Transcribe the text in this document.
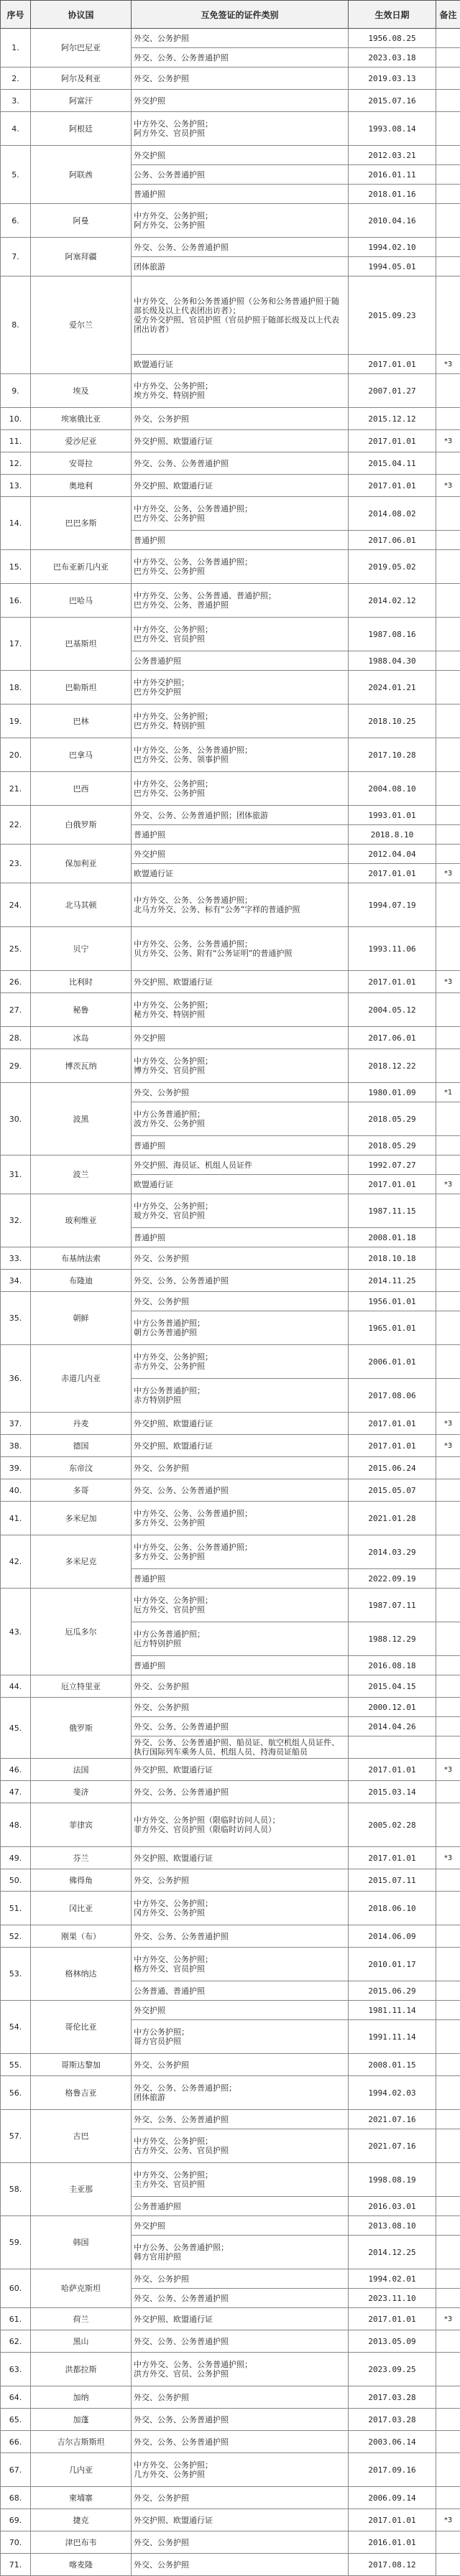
序号	协议国	互免签证的证件类别	生效日期	备注
1.	阿尔巴尼亚	外交、公务护照	1956.08.25	
		外交、公务、公务普通护照	2023.03.18	
2.	阿尔及利亚	外交、公务护照	2019.03.13	
3.	阿富汗	外交护照	2015.07.16	
4.	阿根廷	中方外交、公务护照；
阿方外交、官员护照	1993.08.14	
5.	阿联酋	外交护照	2012.03.21	
		公务、公务普通护照	2016.01.11	
		普通护照	2018.01.16	
6.	阿曼	中方外交、公务护照；
阿方外交、公务护照	2010.04.16	
7.	阿塞拜疆	外交、公务、公务普通护照	1994.02.10	
		团体旅游	1994.05.01	
8.	爱尔兰	中方外交、公务和公务普通护照（公务和公务普通护照于随部长级及以上代表团出访者）；
爱方外交护照、官员护照（官员护照于随部长级及以上代表团出访者）	2015.09.23	
		欧盟通行证	2017.01.01	*3
9.	埃及	中方外交、公务护照；
埃方外交、特别护照	2007.01.27	
10.	埃塞俄比亚	外交、公务护照	2015.12.12	
11.	爱沙尼亚	外交护照、欧盟通行证	2017.01.01	*3
12.	安哥拉	外交、公务、公务普通护照	2015.04.11	
13.	奥地利	外交护照、欧盟通行证	2017.01.01	*3
14.	巴巴多斯	中方外交、公务、公务普通护照；
巴方外交、公务护照	2014.08.02	
		普通护照	2017.06.01	
15.	巴布亚新几内亚	中方外交、公务、公务普通护照；
巴方外交、公务护照	2019.05.02	
16.	巴哈马	中方外交、公务、公务普通、普通护照；
巴方外交、公务、普通护照	2014.02.12	
17.	巴基斯坦	中方外交、公务护照；
巴方外交、官员护照	1987.08.16	
		公务普通护照	1988.04.30	
18.	巴勒斯坦	中方外交护照；
巴方外交护照	2024.01.21	
19.	巴林	中方外交、公务护照；
巴方外交、特别护照	2018.10.25	
20.	巴拿马	中方外交、公务、公务普通护照；
巴方外交、公务、领事护照	2017.10.28	
21.	巴西	中方外交、公务护照；
巴方外交、公务护照	2004.08.10	
22.	白俄罗斯	外交、公务、公务普通护照；团体旅游	1993.01.01	
		普通护照	2018.8.10	
23.	保加利亚	外交护照	2012.04.04	
		欧盟通行证	2017.01.01	*3
24.	北马其顿	中方外交、公务、公务普通护照；
北马方外交、公务、标有“公务”字样的普通护照	1994.07.19	
25.	贝宁	中方外交、公务、公务普通护照；
贝方外交、公务、附有“公务证明”的普通护照	1993.11.06	
26.	比利时	外交护照、欧盟通行证	2017.01.01	*3
27.	秘鲁	中方外交、公务护照；
秘方外交、特别护照	2004.05.12	
28.	冰岛	外交护照	2017.06.01	
29.	博茨瓦纳	中方外交、公务护照；
博方外交、官员护照	2018.12.22	
30.	波黑	外交、公务护照	1980.01.09	*1
		中方公务普通护照；
波方外交、公务护照	2018.05.29	
		普通护照	2018.05.29	
31.	波兰	外交护照、海员证、机组人员证件	1992.07.27	
		欧盟通行证	2017.01.01	*3
32.	玻利维亚	中方外交、公务护照；
玻方外交、官员护照	1987.11.15	
		普通护照	2008.01.18	
33.	布基纳法索	外交、公务护照	2018.10.18	
34.	布隆迪	外交、公务、公务普通护照	2014.11.25	
35.	朝鲜	外交、公务护照	1956.01.01	
		中方公务普通护照；
朝方公务普通护照	1965.01.01	
36.	赤道几内亚	中方外交、公务护照；
赤方外交、公务护照	2006.01.01	
		中方公务普通护照；
赤方特别护照	2017.08.06	
37.	丹麦	外交护照、欧盟通行证	2017.01.01	*3
38.	德国	外交护照、欧盟通行证	2017.01.01	*3
39.	东帝汶	外交、公务护照	2015.06.24	
40.	多哥	外交、公务、公务普通护照	2015.05.07	
41.	多米尼加	中方外交、公务、公务普通护照；
多方外交、公务护照	2021.01.28	
42.	多米尼克	中方外交、公务、公务普通护照；
多方外交、公务护照	2014.03.29	
		普通护照	2022.09.19	
43.	厄瓜多尔	中方外交、公务护照；
厄方外交、官员护照	1987.07.11	
		中方公务普通护照；
厄方特别护照	1988.12.29	
		普通护照	2016.08.18	
44.	厄立特里亚	外交、公务护照	2015.04.15	
45.	俄罗斯	外交、公务护照	2000.12.01	
		外交、公务、公务普通护照	2014.04.26	
		外交、公务、公务普通护照、船员证、航空机组人员证件、执行国际列车乘务人员、机组人员、持海员证船员		
46.	法国	外交护照、欧盟通行证	2017.01.01	*3
47.	斐济	外交、公务、公务普通护照	2015.03.14	
48.	菲律宾	中方外交、公务护照（限临时访问人员）；
菲方外交、官员护照（限临时访问人员）	2005.02.28	
49.	芬兰	外交护照、欧盟通行证	2017.01.01	*3
50.	佛得角	外交、公务护照	2015.07.11	
51.	冈比亚	中方外交、公务护照；
冈方外交、公务护照	2018.06.10	
52.	刚果（布）	外交、公务、公务普通护照	2014.06.09	
53.	格林纳达	中方外交、公务护照；
格方外交、官员护照	2010.01.17	
		公务普通、普通护照	2015.06.29	
54.	哥伦比亚	外交护照	1981.11.14	
		中方公务护照；
哥方官员护照	1991.11.14	
55.	哥斯达黎加	外交、公务护照	2008.01.15	
56.	格鲁吉亚	外交、公务、公务普通护照；
团体旅游	1994.02.03	
57.	古巴	外交、公务、公务普通护照	2021.07.16	
		中方外交、公务护照；
古方外交、公务、官员护照	2021.07.16	
58.	圭亚那	中方外交、公务护照；
圭方外交、官员护照	1998.08.19	
		公务普通护照	2016.03.01	
59.	韩国	外交护照	2013.08.10	
		中方公务、公务普通护照；
韩方官用护照	2014.12.25	
60.	哈萨克斯坦	外交、公务护照	1994.02.01	
		外交、公务、公务普通护照	2023.11.10	
61.	荷兰	外交护照、欧盟通行证	2017.01.01	*3
62.	黑山	外交、公务、公务普通护照	2013.05.09	
63.	洪都拉斯	中方外交、公务、公务普通护照；
洪方外交、官员、公务护照	2023.09.25	
64.	加纳	外交、公务护照	2017.03.28	
65.	加蓬	外交、公务、公务普通护照	2017.03.28	
66.	吉尔吉斯斯坦	外交、公务、公务普通护照	2003.06.14	
67.	几内亚	中方外交、公务护照；
几方外交、公务护照	2017.09.16	
68.	柬埔寨	外交、公务护照	2006.09.14	
69.	捷克	外交护照、欧盟通行证	2017.01.01	*3
70.	津巴布韦	外交、公务护照	2016.01.01	
71.	喀麦隆	外交、公务护照	2017.08.12	
